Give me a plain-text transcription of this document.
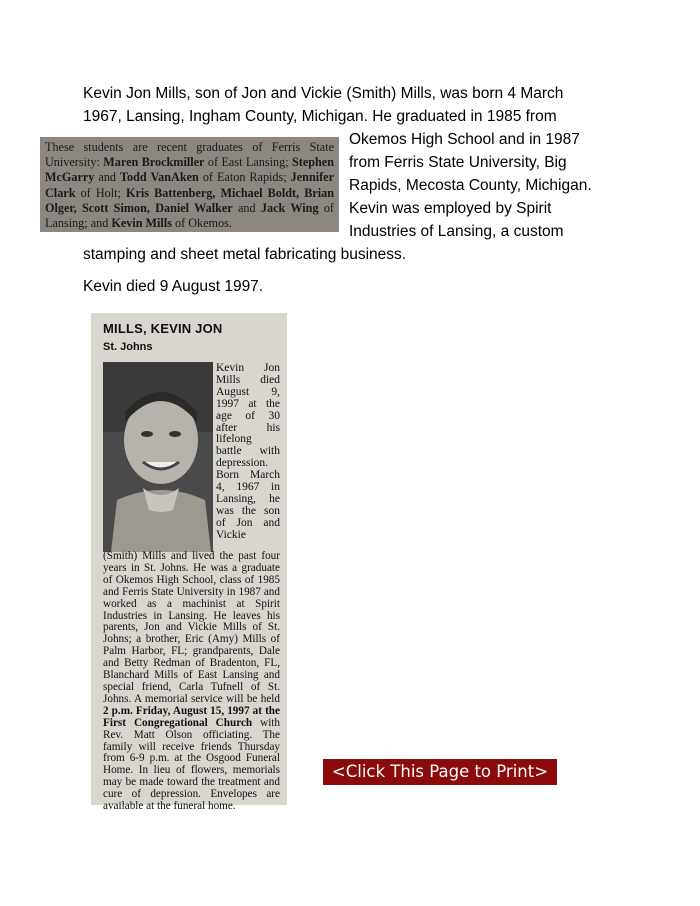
Kevin Jon Mills, son of Jon and Vickie (Smith) Mills, was born 4 March
1967, Lansing, Ingham County, Michigan. He graduated in 1985 from
Okemos High School and in 1987
from Ferris State University, Big
Rapids, Mecosta County, Michigan.
Kevin was employed by Spirit
Industries of Lansing, a custom
stamping and sheet metal fabricating business.
Kevin died 9 August 1997.
These students are recent graduates of Ferris State University: Maren Brockmiller of East Lansing; Stephen McGarry and Todd VanAken of Eaton Rapids; Jennifer Clark of Holt; Kris Battenberg, Michael Boldt, Brian Olger, Scott Simon, Daniel Walker and Jack Wing of Lansing; and Kevin Mills of Okemos.
MILLS, KEVIN JON
St. Johns
Kevin Jon Mills died August 9, 1997 at the age of 30 after his lifelong battle with depression. Born March 4, 1967 in Lansing, he was the son of Jon and Vickie
(Smith) Mills and lived the past four years in St. Johns. He was a graduate of Okemos High School, class of 1985 and Ferris State University in 1987 and worked as a machinist at Spirit Industries in Lansing. He leaves his parents, Jon and Vickie Mills of St. Johns; a brother, Eric (Amy) Mills of Palm Harbor, FL; grandparents, Dale and Betty Redman of Bradenton, FL, Blanchard Mills of East Lansing and special friend, Carla Tufnell of St. Johns. A memorial service will be held 2 p.m. Friday, August 15, 1997 at the First Congregational Church with Rev. Matt Olson officiating. The family will receive friends Thursday from 6-9 p.m. at the Osgood Funeral Home. In lieu of flowers, memorials may be made toward the treatment and cure of depression. Envelopes are available at the funeral home.
<Click This Page to Print>
